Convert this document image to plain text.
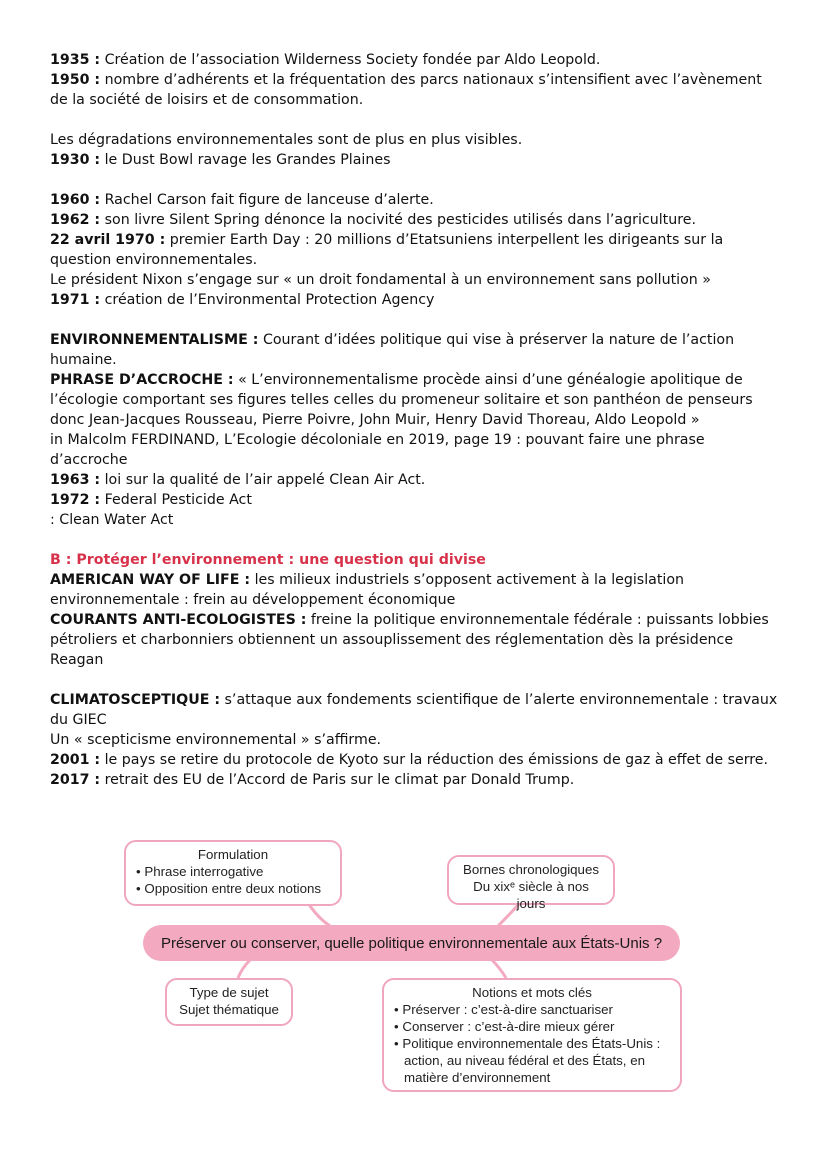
1935 : Création de l’association Wilderness Society fondée par Aldo Leopold.

1950 : nombre d’adhérents et la fréquentation des parcs nationaux s’intensifient avec l’avènement de la société de loisirs et de consommation.

Les dégradations environnementales sont de plus en plus visibles.

1930 : le Dust Bowl ravage les Grandes Plaines

1960 : Rachel Carson fait figure de lanceuse d’alerte.

1962 : son livre Silent Spring dénonce la nocivité des pesticides utilisés dans l’agriculture.

22 avril 1970 : premier Earth Day : 20 millions d’Etatsuniens interpellent les dirigeants sur la question environnementales.

Le président Nixon s’engage sur « un droit fondamental à un environnement sans pollution »

1971 : création de l’Environmental Protection Agency

ENVIRONNEMENTALISME : Courant d’idées politique qui vise à préserver la nature de l’action humaine.

PHRASE D’ACCROCHE : « L’environnementalisme procède ainsi d’une généalogie apolitique de l’écologie comportant ses figures telles celles du promeneur solitaire et son panthéon de penseurs donc Jean-Jacques Rousseau, Pierre Poivre, John Muir, Henry David Thoreau, Aldo Leopold »

in Malcolm FERDINAND, L’Ecologie décoloniale en 2019, page 19 : pouvant faire une phrase d’accroche

1963 : loi sur la qualité de l’air appelé Clean Air Act.

1972 : Federal Pesticide Act

: Clean Water Act

B : Protéger l’environnement : une question qui divise

AMERICAN WAY OF LIFE : les milieux industriels s’opposent activement à la legislation environnementale : frein au développement économique

COURANTS ANTI-ECOLOGISTES : freine la politique environnementale fédérale : puissants lobbies pétroliers et charbonniers obtiennent un assouplissement des réglementation dès la présidence Reagan

CLIMATOSCEPTIQUE : s’attaque aux fondements scientifique de l’alerte environnementale : travaux du GIEC

Un « scepticisme environnemental » s’affirme.

2001 : le pays se retire du protocole de Kyoto sur la réduction des émissions de gaz à effet de serre.

2017 : retrait des EU de l’Accord de Paris sur le climat par Donald Trump.

Formulation
• Phrase interrogative
• Opposition entre deux notions
Bornes chronologiques
Du xixᵉ siècle à nos jours
Préserver ou conserver, quelle politique environnementale aux États-Unis ?
Type de sujet
Sujet thématique
Notions et mots clés
• Préserver : c’est-à-dire sanctuariser
• Conserver : c’est-à-dire mieux gérer
• Politique environnementale des États-Unis : action, au niveau fédéral et des États, en matière d’environnement
